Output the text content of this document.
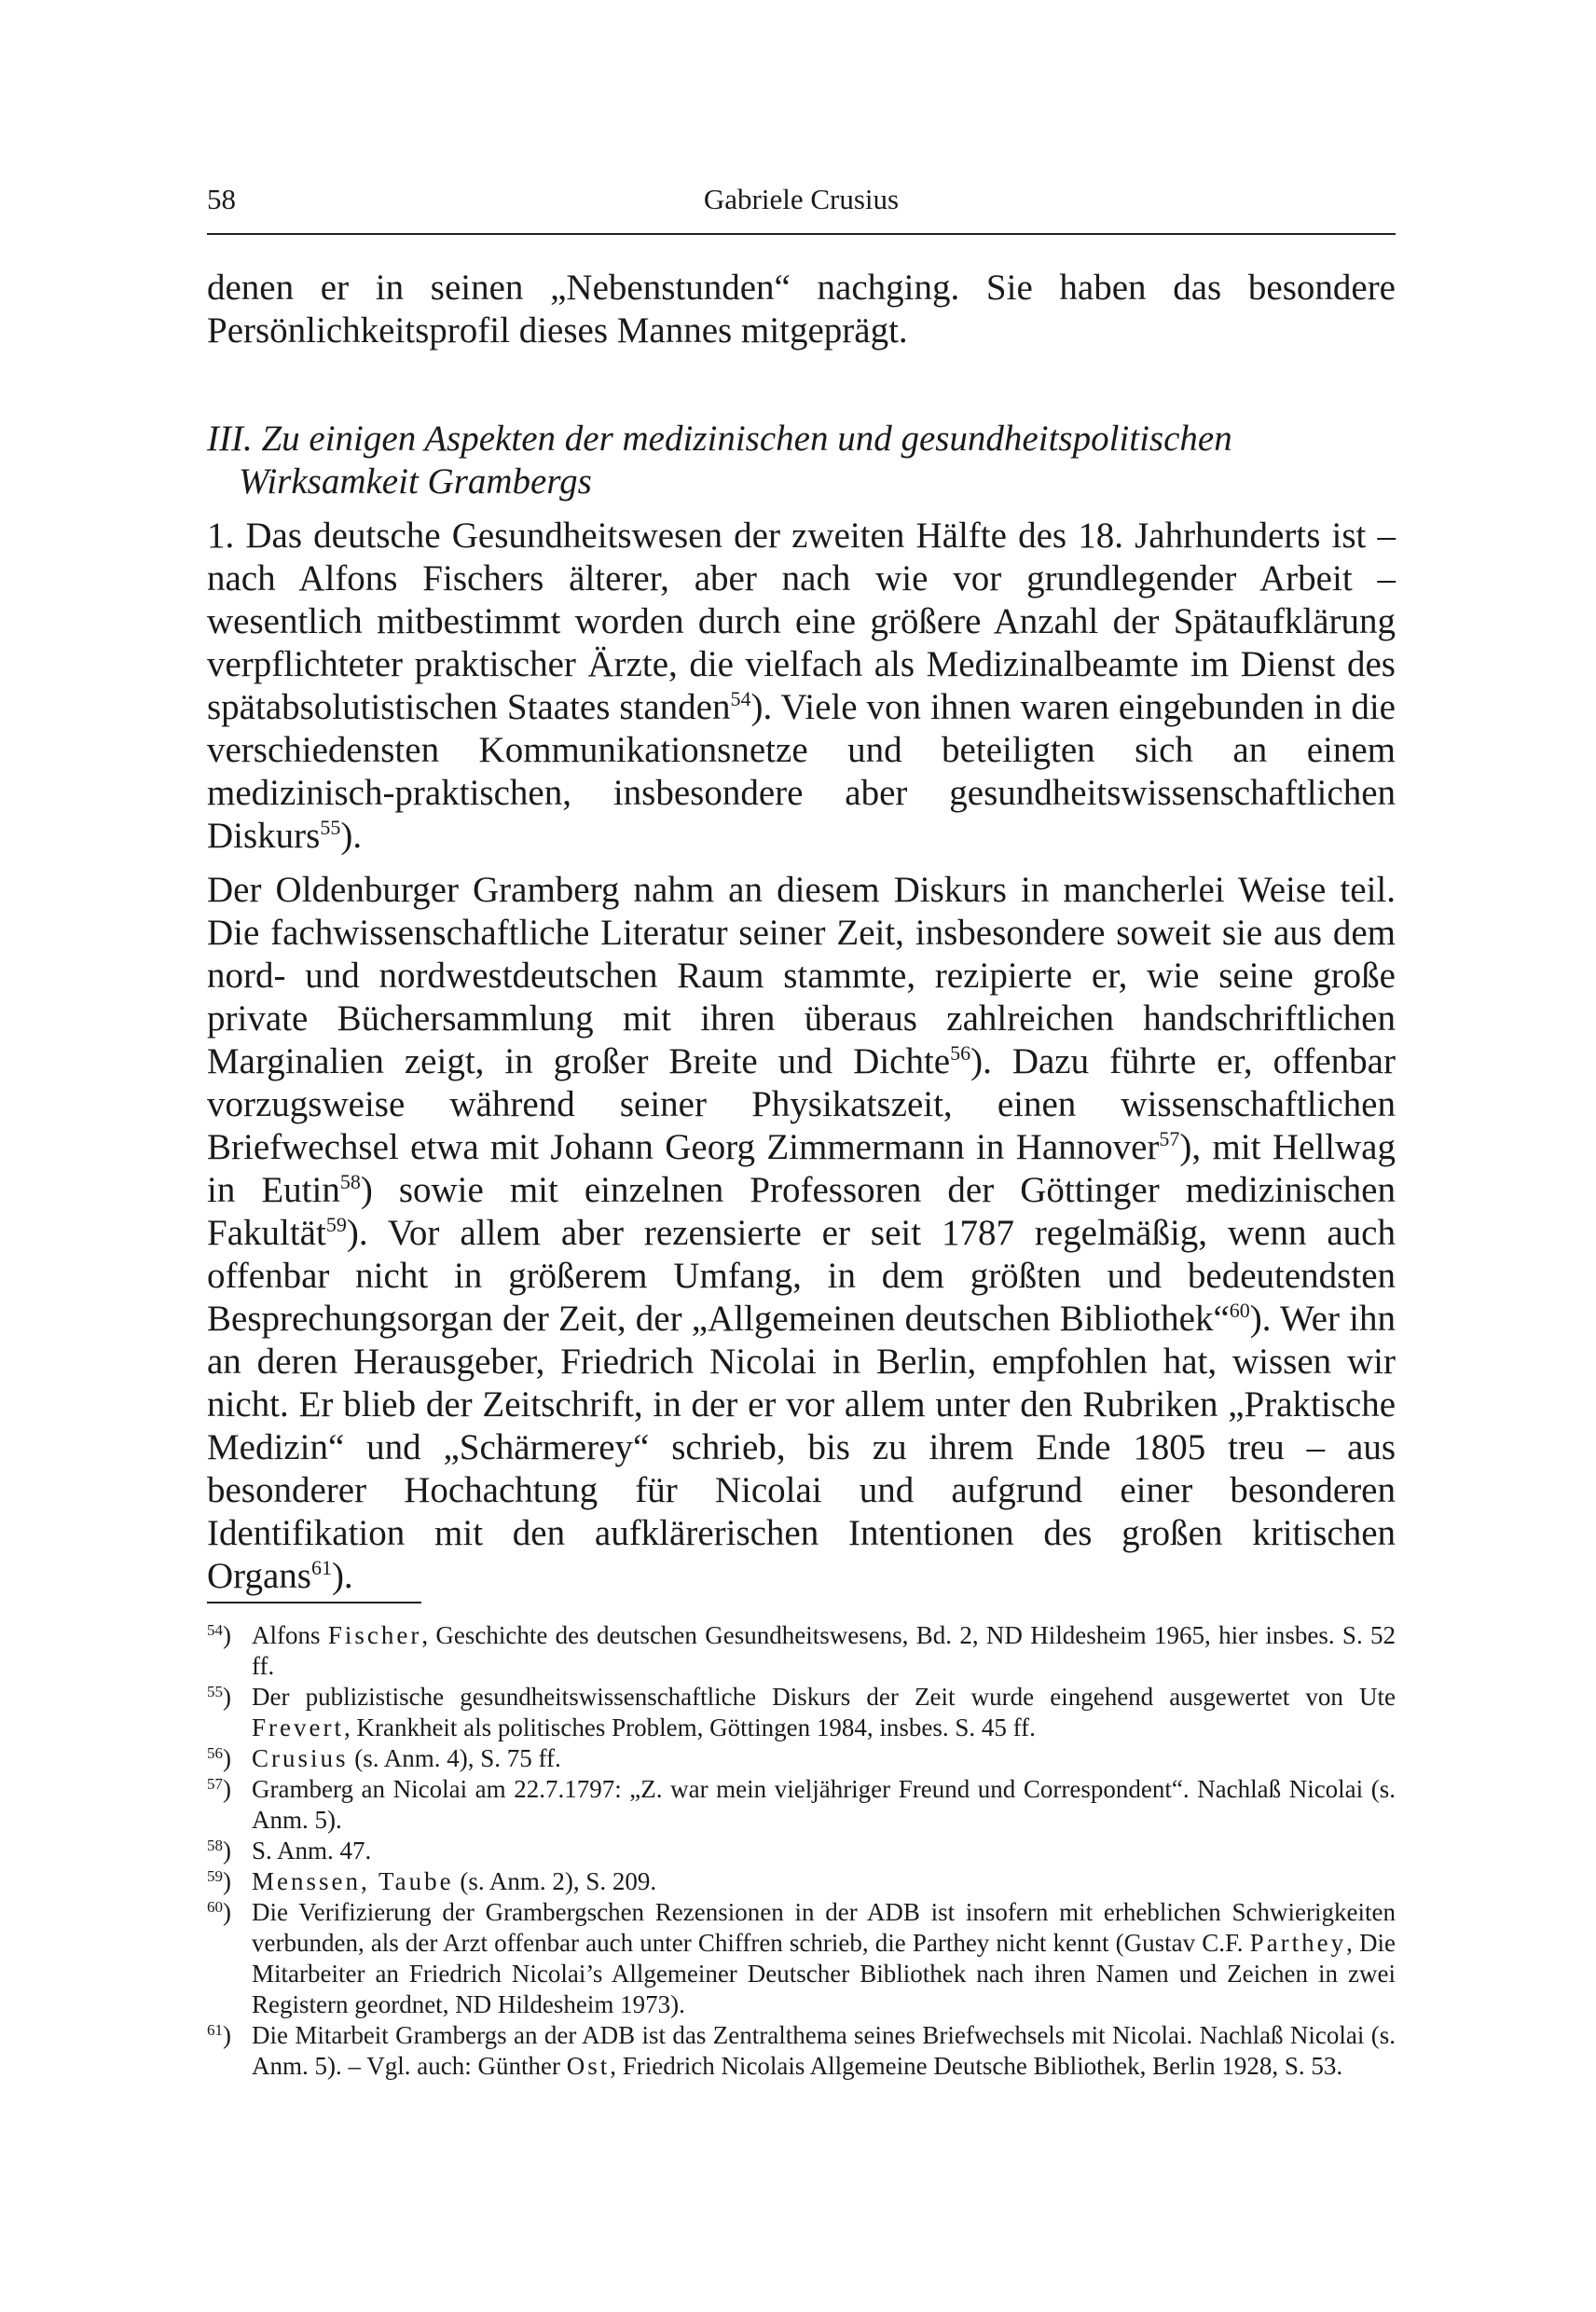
58	Gabriele Crusius

denen er in seinen „Nebenstunden“ nachging. Sie haben das besondere Persönlichkeitsprofil dieses Mannes mitgeprägt.

III. Zu einigen Aspekten der medizinischen und gesundheitspolitischen
Wirksamkeit Grambergs

1. Das deutsche Gesundheitswesen der zweiten Hälfte des 18. Jahrhunderts ist – nach Alfons Fischers älterer, aber nach wie vor grundlegender Arbeit – wesentlich mitbestimmt worden durch eine größere Anzahl der Spätaufklärung verpflichteter praktischer Ärzte, die vielfach als Medizinalbeamte im Dienst des spätabsolutistischen Staates standen$^{54}$). Viele von ihnen waren eingebunden in die verschiedensten Kommunikationsnetze und beteiligten sich an einem medizinisch-praktischen, insbesondere aber gesundheitswissenschaftlichen Diskurs$^{55}$).

Der Oldenburger Gramberg nahm an diesem Diskurs in mancherlei Weise teil. Die fachwissenschaftliche Literatur seiner Zeit, insbesondere soweit sie aus dem nord- und nordwestdeutschen Raum stammte, rezipierte er, wie seine große private Büchersammlung mit ihren überaus zahlreichen handschriftlichen Marginalien zeigt, in großer Breite und Dichte$^{56}$). Dazu führte er, offenbar vorzugsweise während seiner Physikatszeit, einen wissenschaftlichen Briefwechsel etwa mit Johann Georg Zimmermann in Hannover$^{57}$), mit Hellwag in Eutin$^{58}$) sowie mit einzelnen Professoren der Göttinger medizinischen Fakultät$^{59}$). Vor allem aber rezensierte er seit 1787 regelmäßig, wenn auch offenbar nicht in größerem Umfang, in dem größten und bedeutendsten Besprechungsorgan der Zeit, der „Allgemeinen deutschen Bibliothek“$^{60}$). Wer ihn an deren Herausgeber, Friedrich Nicolai in Berlin, empfohlen hat, wissen wir nicht. Er blieb der Zeitschrift, in der er vor allem unter den Rubriken „Praktische Medizin“ und „Schärmerey“ schrieb, bis zu ihrem Ende 1805 treu – aus besonderer Hochachtung für Nicolai und aufgrund einer besonderen Identifikation mit den aufklärerischen Intentionen des großen kritischen Organs$^{61}$).

$^{54}$) Alfons Fischer, Geschichte des deutschen Gesundheitswesens, Bd. 2, ND Hildesheim 1965, hier insbes. S. 52 ff.
$^{55}$) Der publizistische gesundheitswissenschaftliche Diskurs der Zeit wurde eingehend ausgewertet von Ute Frevert, Krankheit als politisches Problem, Göttingen 1984, insbes. S. 45 ff.
$^{56}$) Crusius (s. Anm. 4), S. 75 ff.
$^{57}$) Gramberg an Nicolai am 22.7.1797: „Z. war mein vieljähriger Freund und Correspondent“. Nachlaß Nicolai (s. Anm. 5).
$^{58}$) S. Anm. 47.
$^{59}$) Menssen, Taube (s. Anm. 2), S. 209.
$^{60}$) Die Verifizierung der Grambergschen Rezensionen in der ADB ist insofern mit erheblichen Schwierigkeiten verbunden, als der Arzt offenbar auch unter Chiffren schrieb, die Parthey nicht kennt (Gustav C.F. Parthey, Die Mitarbeiter an Friedrich Nicolai’s Allgemeiner Deutscher Bibliothek nach ihren Namen und Zeichen in zwei Registern geordnet, ND Hildesheim 1973).
$^{61}$) Die Mitarbeit Grambergs an der ADB ist das Zentralthema seines Briefwechsels mit Nicolai. Nachlaß Nicolai (s. Anm. 5). – Vgl. auch: Günther Ost, Friedrich Nicolais Allgemeine Deutsche Bibliothek, Berlin 1928, S. 53.
